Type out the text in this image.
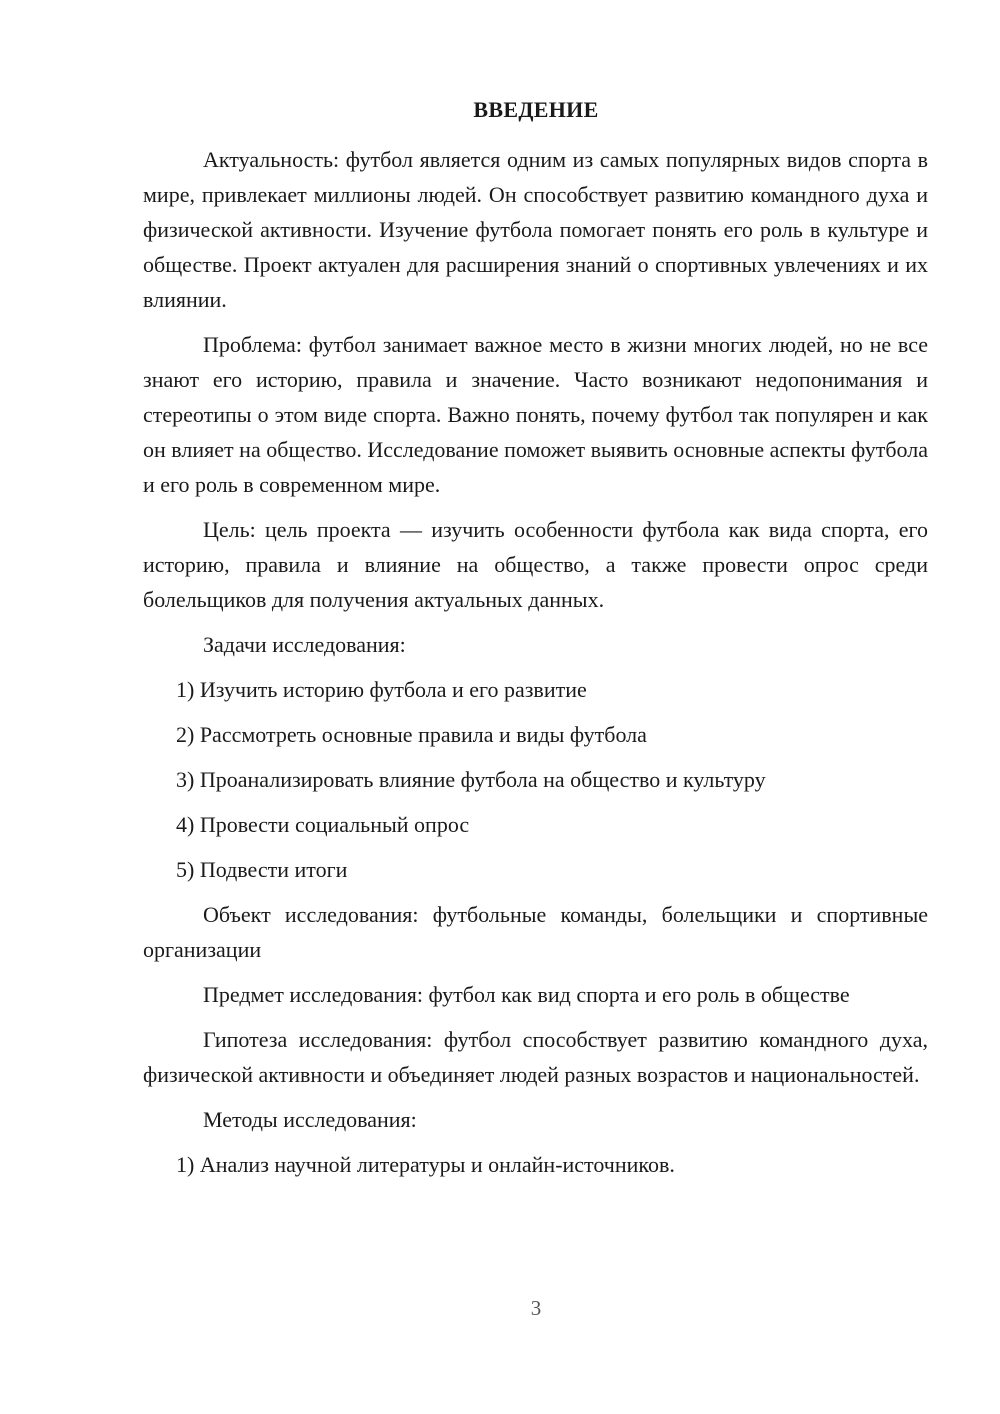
ВВЕДЕНИЕ

Актуальность: футбол является одним из самых популярных видов спорта в мире, привлекает миллионы людей. Он способствует развитию командного духа и физической активности. Изучение футбола помогает понять его роль в культуре и обществе. Проект актуален для расширения знаний о спортивных увлечениях и их влиянии.

Проблема: футбол занимает важное место в жизни многих людей, но не все знают его историю, правила и значение. Часто возникают недопонимания и стереотипы о этом виде спорта. Важно понять, почему футбол так популярен и как он влияет на общество. Исследование поможет выявить основные аспекты футбола и его роль в современном мире.

Цель: цель проекта — изучить особенности футбола как вида спорта, его историю, правила и влияние на общество, а также провести опрос среди болельщиков для получения актуальных данных.

Задачи исследования:

1) Изучить историю футбола и его развитие

2) Рассмотреть основные правила и виды футбола

3) Проанализировать влияние футбола на общество и культуру

4) Провести социальный опрос

5) Подвести итоги

Объект исследования: футбольные команды, болельщики и спортивные организации

Предмет исследования: футбол как вид спорта и его роль в обществе

Гипотеза исследования: футбол способствует развитию командного духа, физической активности и объединяет людей разных возрастов и национальностей.

Методы исследования:

1) Анализ научной литературы и онлайн-источников.

3
